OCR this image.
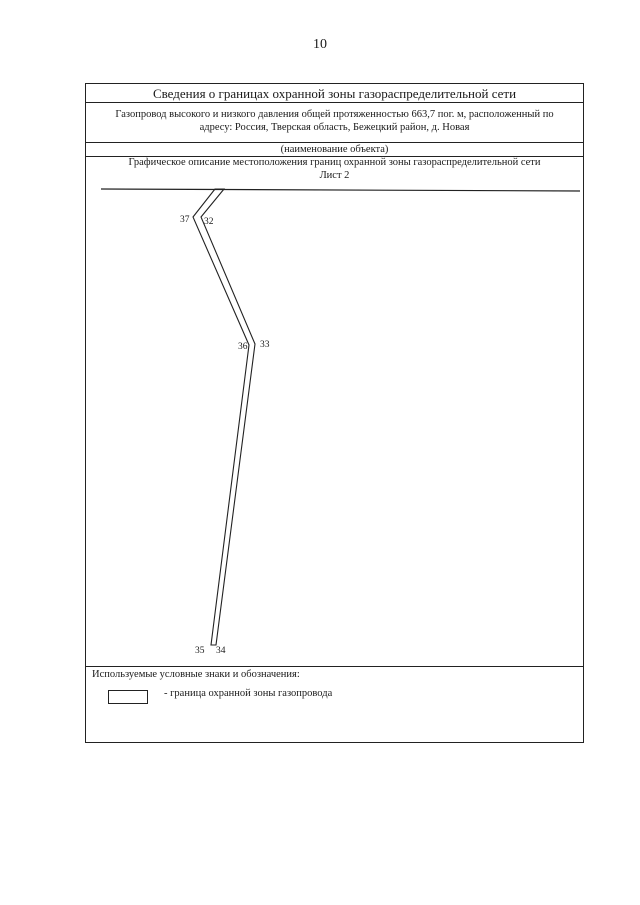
10
Сведения о границах охранной зоны газораспределительной сети
Газопровод высокого и низкого давления общей протяженностью 663,7 пог. м, расположенный по адресу: Россия, Тверская область, Бежецкий район, д. Новая
(наименование объекта)
Графическое описание местоположения границ охранной зоны газораспределительной сети
Лист 2
37 32
36 33
35 34
Используемые условные знаки и обозначения:
- граница охранной зоны газопровода
